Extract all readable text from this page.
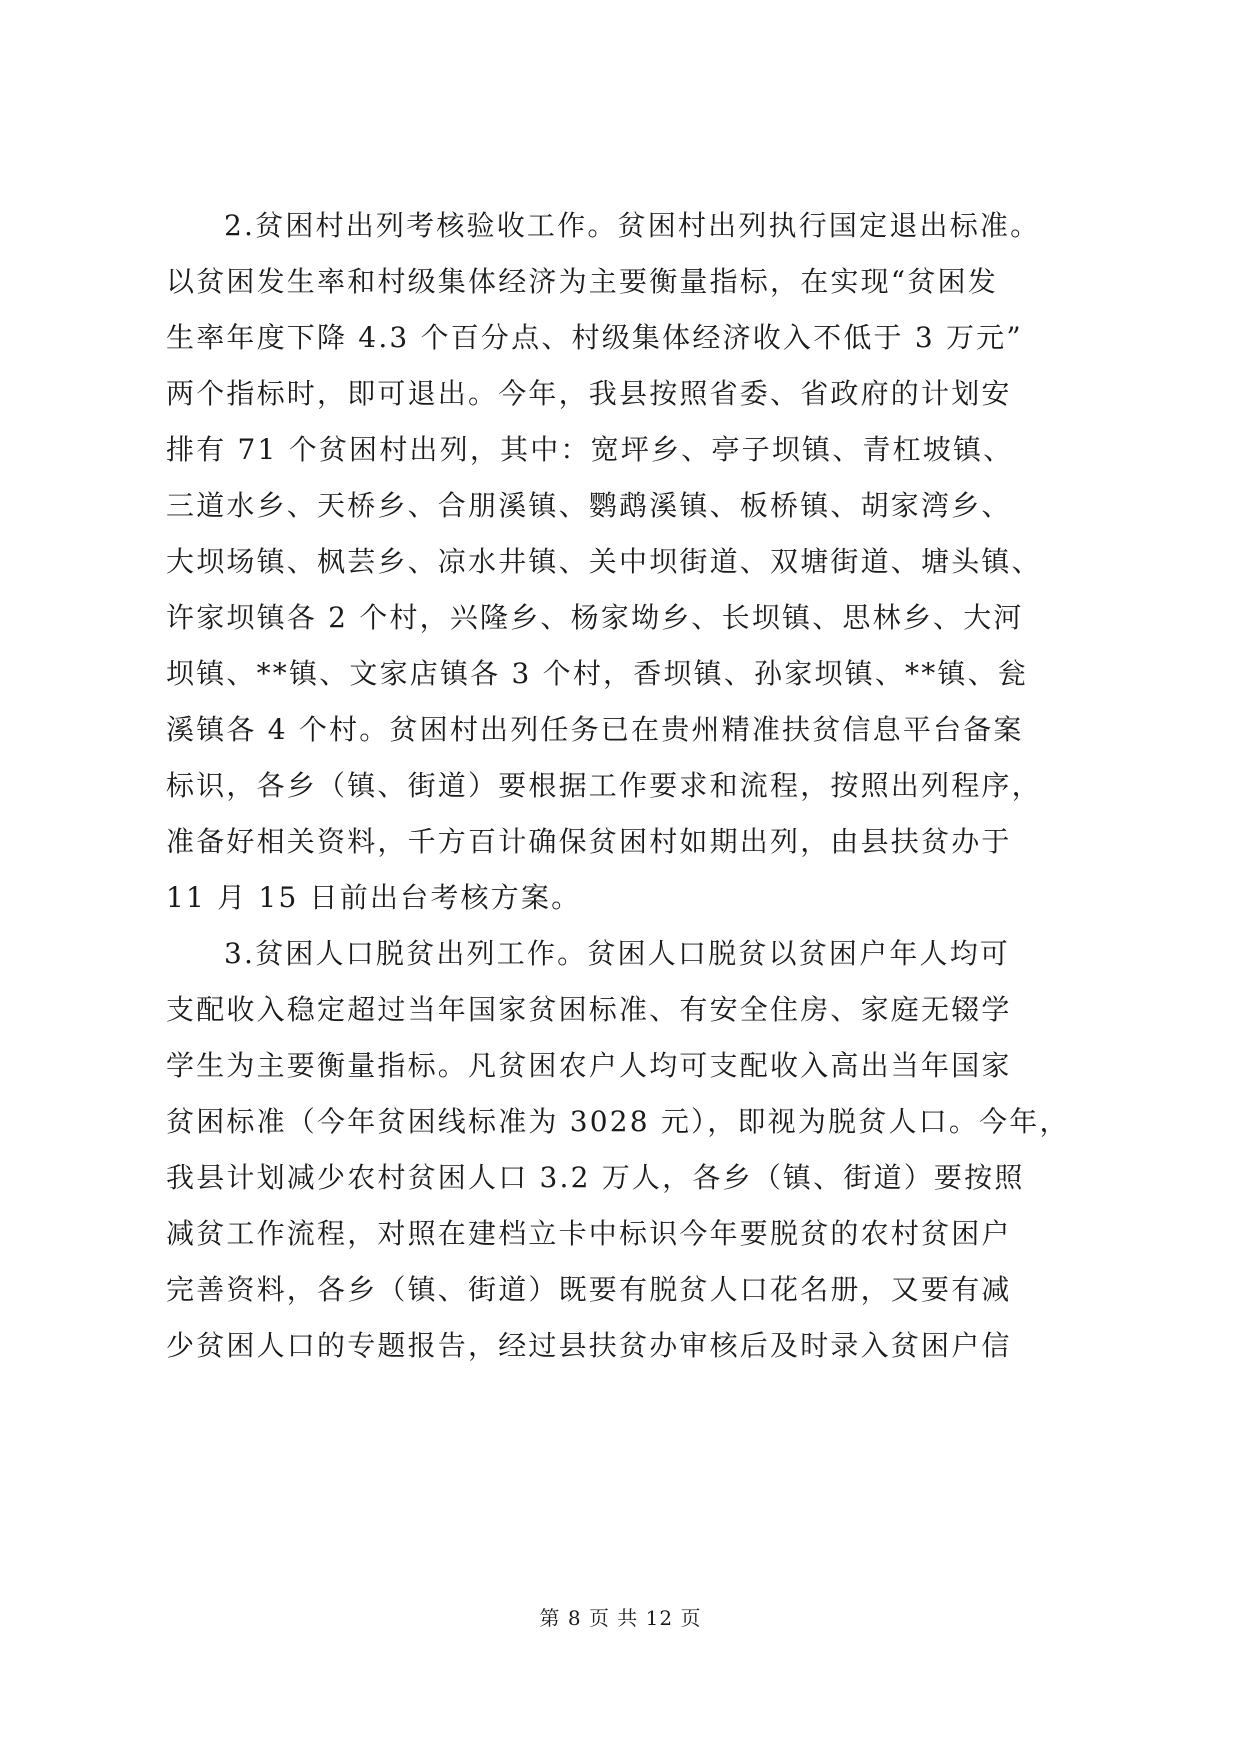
2.贫困村出列考核验收工作。贫困村出列执行国定退出标准。
以贫困发生率和村级集体经济为主要衡量指标，在实现“贫困发
生率年度下降 4.3 个百分点、村级集体经济收入不低于 3 万元”
两个指标时，即可退出。今年，我县按照省委、省政府的计划安
排有 71 个贫困村出列，其中：宽坪乡、亭子坝镇、青杠坡镇、
三道水乡、天桥乡、合朋溪镇、鹦鹉溪镇、板桥镇、胡家湾乡、
大坝场镇、枫芸乡、凉水井镇、关中坝街道、双塘街道、塘头镇、
许家坝镇各 2 个村，兴隆乡、杨家坳乡、长坝镇、思林乡、大河
坝镇、**镇、文家店镇各 3 个村，香坝镇、孙家坝镇、**镇、瓮
溪镇各 4 个村。贫困村出列任务已在贵州精准扶贫信息平台备案
标识，各乡（镇、街道）要根据工作要求和流程，按照出列程序，
准备好相关资料，千方百计确保贫困村如期出列，由县扶贫办于
11 月 15 日前出台考核方案。
3.贫困人口脱贫出列工作。贫困人口脱贫以贫困户年人均可
支配收入稳定超过当年国家贫困标准、有安全住房、家庭无辍学
学生为主要衡量指标。凡贫困农户人均可支配收入高出当年国家
贫困标准（今年贫困线标准为 3028 元），即视为脱贫人口。今年，
我县计划减少农村贫困人口 3.2 万人，各乡（镇、街道）要按照
减贫工作流程，对照在建档立卡中标识今年要脱贫的农村贫困户
完善资料，各乡（镇、街道）既要有脱贫人口花名册，又要有减
少贫困人口的专题报告，经过县扶贫办审核后及时录入贫困户信
第 8 页 共 12 页
